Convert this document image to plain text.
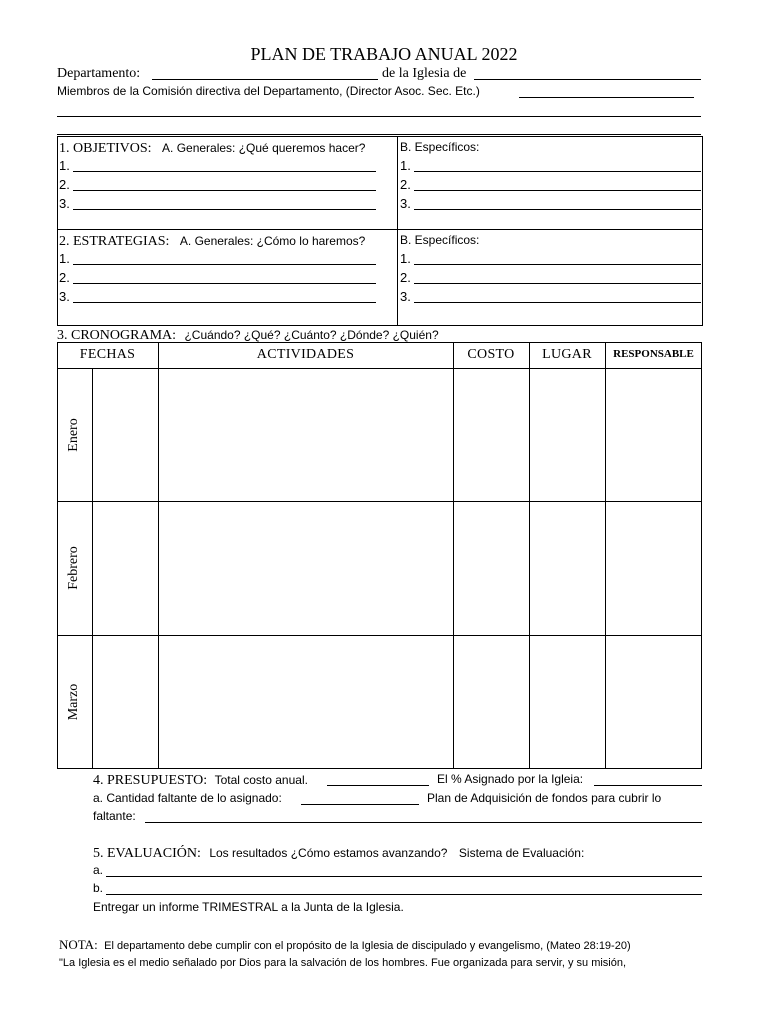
PLAN DE TRABAJO ANUAL 2022
Departamento:	de la Iglesia de
Miembros de la Comisión directiva del Departamento, (Director Asoc. Sec. Etc.)
1. OBJETIVOS: A. Generales: ¿Qué queremos hacer?	B. Específicos:
1.
2.
3.
1.
2.
3.
2. ESTRATEGIAS: A. Generales: ¿Cómo lo haremos?	B. Específicos:
1.
2.
3.
1.
2.
3.
3. CRONOGRAMA: ¿Cuándo? ¿Qué? ¿Cuánto? ¿Dónde? ¿Quién?
FECHAS	ACTIVIDADES	COSTO	LUGAR	RESPONSABLE
Enero
Febrero
Marzo
4. PRESUPUESTO: Total costo anual.	El % Asignado por la Igleia:
a. Cantidad faltante de lo asignado:	Plan de Adquisición de fondos para cubrir lo
faltante:
5. EVALUACIÓN: Los resultados ¿Cómo estamos avanzando? Sistema de Evaluación:
a.
b.
Entregar un informe TRIMESTRAL a la Junta de la Iglesia.
NOTA: El departamento debe cumplir con el propósito de la Iglesia de discipulado y evangelismo, (Mateo 28:19-20)
"La Iglesia es el medio señalado por Dios para la salvación de los hombres. Fue organizada para servir, y su misión,
